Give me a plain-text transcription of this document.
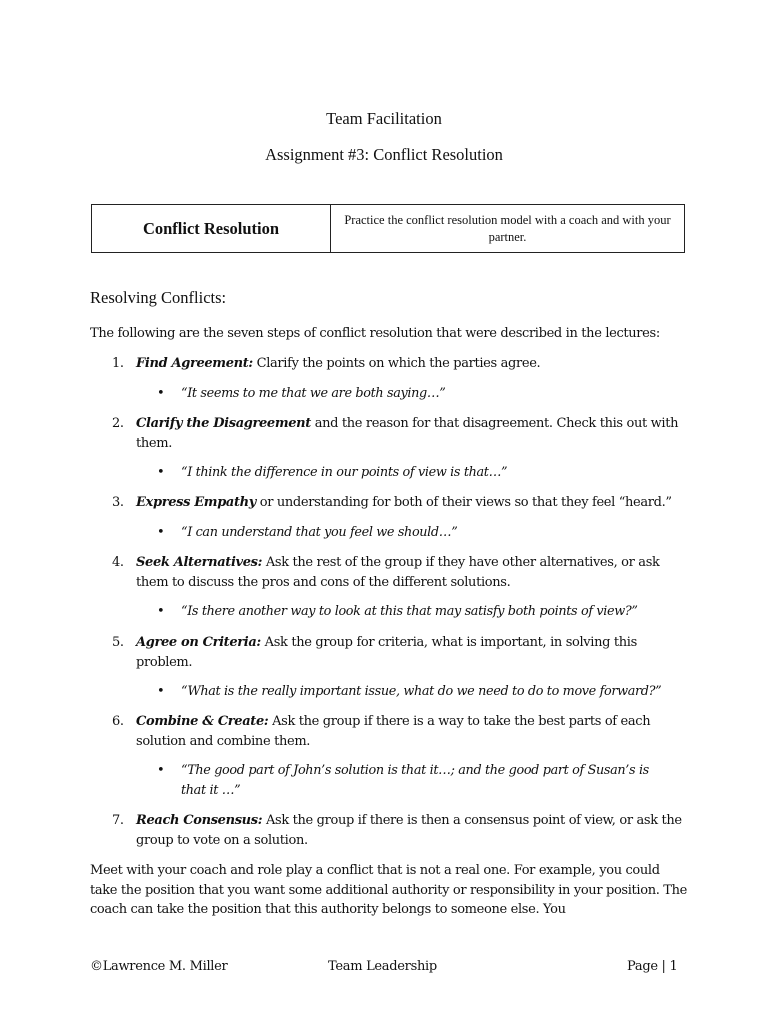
Team Facilitation
Assignment #3: Conflict Resolution
Conflict Resolution	Practice the conflict resolution model with a coach and with your partner.
Resolving Conflicts:
The following are the seven steps of conflict resolution that were described in the lectures:
1. Find Agreement: Clarify the points on which the parties agree.
• “It seems to me that we are both saying…”
2. Clarify the Disagreement and the reason for that disagreement. Check this out with them.
• “I think the difference in our points of view is that…”
3. Express Empathy or understanding for both of their views so that they feel “heard.”
• “I can understand that you feel we should…”
4. Seek Alternatives: Ask the rest of the group if they have other alternatives, or ask them to discuss the pros and cons of the different solutions.
• “Is there another way to look at this that may satisfy both points of view?”
5. Agree on Criteria: Ask the group for criteria, what is important, in solving this problem.
• “What is the really important issue, what do we need to do to move forward?”
6. Combine & Create: Ask the group if there is a way to take the best parts of each solution and combine them.
• “The good part of John’s solution is that it…; and the good part of Susan’s is that it …”
7. Reach Consensus: Ask the group if there is then a consensus point of view, or ask the group to vote on a solution.
Meet with your coach and role play a conflict that is not a real one. For example, you could take the position that you want some additional authority or responsibility in your position. The coach can take the position that this authority belongs to someone else. You
©Lawrence M. Miller	Team Leadership	Page | 1
